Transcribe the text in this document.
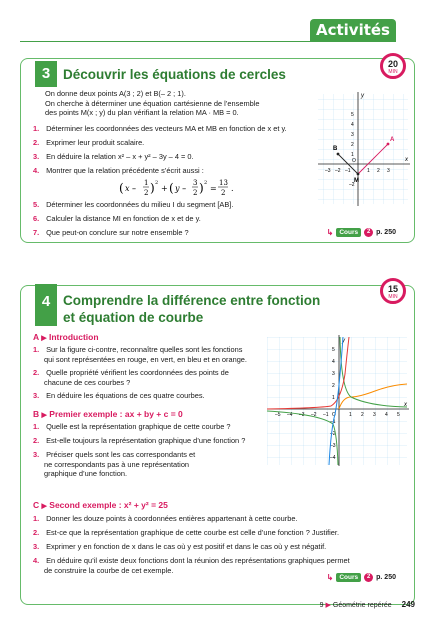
Activités
3 Découvrir les équations de cercles
20
MIN
On donne deux points A(3 ; 2) et B(– 2 ; 1).
On cherche à déterminer une équation cartésienne de l’ensemble
des points M(x ; y) du plan vérifiant la relation MA · MB = 0.
1. Déterminer les coordonnées des vecteurs MA et MB en fonction de x et y.
2. Exprimer leur produit scalaire.
3. En déduire la relation x² – x + y² – 3y – 4 = 0.
4. Montrer que la relation précédente s’écrit aussi :
( x –
1
2 ) 2
+ ( y –
3
2 ) 2
=
13
2 .
5. Déterminer les coordonnées du milieu I du segment [AB].
6. Calculer la distance MI en fonction de x et de y.
7. Que peut-on conclure sur notre ensemble ?	↳ Cours	2 p. 250
y
x
–3 –2 –1	1 2 3
5
4
3
2
1
–2
O
A
B
M
4 Comprendre la différence entre fonction
et équation de courbe
15
MIN
A ▶ Introduction
1. Sur la figure ci-contre, reconnaître quelles sont les fonctions
qui sont représentées en rouge, en vert, en bleu et en orange.
2. Quelle propriété vérifient les coordonnées des points de
chacune de ces courbes ?
3. En déduire les équations de ces quatre courbes.
B ▶ Premier exemple : ax + by + c = 0
1. Quelle est la représentation graphique de cette courbe ?
2. Est-elle toujours la représentation graphique d’une fonction ?
3. Préciser quels sont les cas correspondants et
ne correspondants pas à une représentation
graphique d’une fonction.
C ▶ Second exemple : x² + y² = 25
1. Donner les douze points à coordonnées entières appartenant à cette courbe.
2. Est-ce que la représentation graphique de cette courbe est celle d’une fonction ? Justifier.
3. Exprimer y en fonction de x dans le cas où y est positif et dans le cas où y est négatif.
4. En déduire qu’il existe deux fonctions dont la réunion des représentations graphiques permet
de construire la courbe de cet exemple.
↳ Cours	2 p. 250
y
x
O
–5 –4 –3 –2 –1	1 2 3 4 5
5
4
3
2
1
–1
–2
–3
–4
9 ▶ Géométrie repérée 249
